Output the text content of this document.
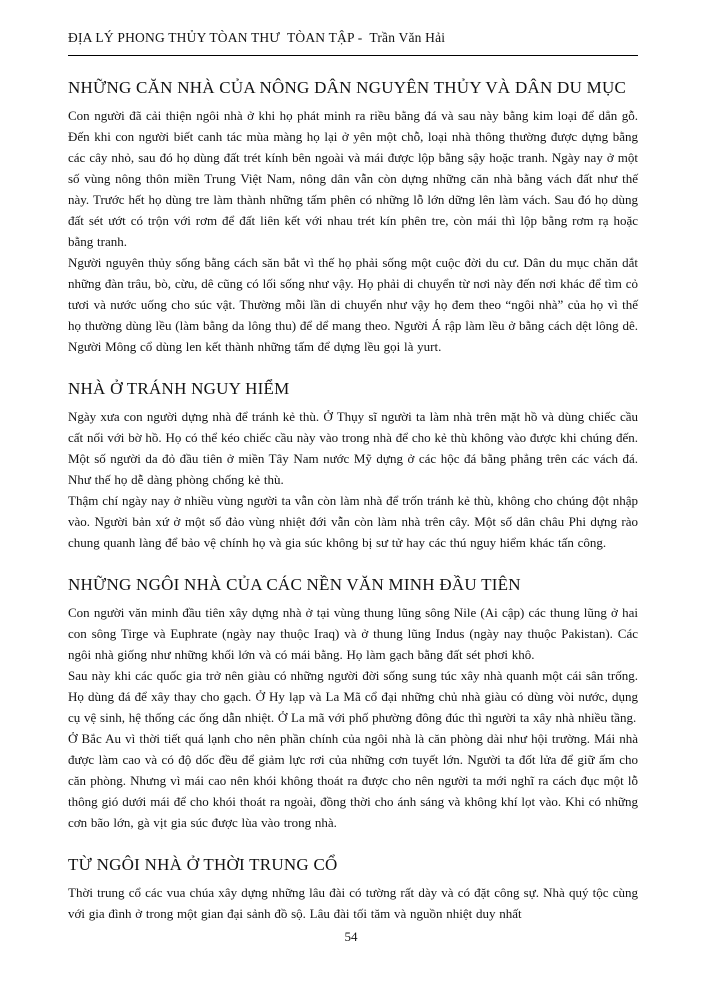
ĐỊA LÝ PHONG THỦY TÒAN THƯ  TÒAN TẬP -  Trần Văn Hải
NHỮNG CĂN NHÀ CỦA NÔNG DÂN NGUYÊN THỦY VÀ DÂN DU MỤC

Con người đã cải thiện ngôi nhà ở khi họ phát minh ra riều bằng đá và sau này bằng kim loại để dẳn gỗ. Đến khi con người biết canh tác mùa màng họ lại ở yên một chỗ, loại nhà thông thường được dựng bằng các cây nhỏ, sau đó họ dùng đất trét kính bên ngoài và mái được lộp bằng sậy hoặc tranh. Ngày nay ở một số vùng nông thôn miền Trung Việt Nam, nông dân vẫn còn dựng những căn nhà bằng vách đất như thế này. Trước hết họ dùng tre làm thành những tấm phên có những lỗ lớn dững lên làm vách. Sau đó họ dùng đất sét ướt có trộn với rơm để đất liên kết với nhau trét kín phên tre, còn mái thì lộp bằng rơm rạ hoặc bằng tranh.

Người nguyên thủy sống bằng cách săn bắt vì thế họ phải sống một cuộc đời du cư. Dân du mục chăn dắt những đàn trâu, bò, cừu, dê cũng có lối sống như vậy. Họ phải di chuyển từ nơi này đến nơi khác để tìm cỏ tươi và nước uống cho súc vật. Thường mỗi lần di chuyển như vậy họ đem theo “ngôi nhà” của họ vì thế họ thường dùng lều (làm bằng da lông thu) để dể mang theo. Người Á rập làm lều ở bằng cách dệt lông dê. Người Mông cổ dùng len kết thành những tấm để dựng lều gọi là yurt.

NHÀ Ở TRÁNH NGUY HIỂM

Ngày xưa con người dựng nhà để tránh kẻ thù. Ở Thụy sĩ người ta làm nhà trên mặt hồ và dùng chiếc cầu cất nối với bờ hồ. Họ có thể kéo chiếc cầu này vào trong nhà để cho kẻ thù không vào được khi chúng đến. Một số người da đỏ đầu tiên ở miền Tây Nam nước Mỹ dựng ở các hộc đá bằng phẳng trên các vách đá. Như thế họ dễ dàng phòng chống kẻ thù.

Thậm chí ngày nay ở nhiều vùng người ta vẫn còn làm nhà để trốn tránh kẻ thù, không cho chúng đột nhập vào. Người bản xứ ở một số đảo vùng nhiệt đới vẫn còn làm nhà trên cây. Một số dân châu Phi dựng rào chung quanh làng để bảo vệ chính họ và gia súc không bị sư tử hay các thú nguy hiểm khác tấn công.

NHỮNG NGÔI NHÀ CỦA CÁC NỀN VĂN MINH ĐẦU TIÊN

Con người văn minh đầu tiên xây dựng nhà ở tại vùng thung lũng sông Nile (Ai cập) các thung lũng ở hai con sông Tirge và Euphrate (ngày nay thuộc Iraq) và ở thung lũng Indus (ngày nay thuộc Pakistan). Các ngôi nhà giống như những khối lớn và có mái bằng. Họ làm gạch bằng đất sét phơi khô.

Sau này khi các quốc gia trở nên giàu có những người đời sống sung túc xây nhà quanh một cái sân trống. Họ dùng đá để xây thay cho gạch. Ở Hy lạp và La Mã cổ đại những chủ nhà giàu có dùng vòi nước, dụng cụ vệ sinh, hệ thống các ống dẫn nhiệt. Ở La mã với phố phường đông đúc thì người ta xây nhà nhiều tầng.

Ở Bắc Au vì thời tiết quá lạnh cho nên phần chính của ngôi nhà là căn phòng dài như hội trường. Mái nhà được làm cao và có độ dốc đều để giảm lực rơi của những cơn tuyết lớn. Người ta đốt lửa để giữ ấm cho căn phòng. Nhưng vì mái cao nên khói không thoát ra được cho nên người ta mới nghĩ ra cách đục một lỗ thông gió dưới mái để cho khói thoát ra ngoài, đồng thời cho ánh sáng và không khí lọt vào. Khi có những cơn bão lớn, gà vịt gia súc được lùa vào trong nhà.

TỪ NGÔI NHÀ Ở THỜI TRUNG CỔ

Thời trung cổ các vua chúa xây dựng những lâu đài có tường rất dày và có đặt công sự. Nhà quý tộc cùng với gia đình ở trong một gian đại sảnh đồ sộ. Lâu đài tối tăm và nguồn nhiệt duy nhất

54
